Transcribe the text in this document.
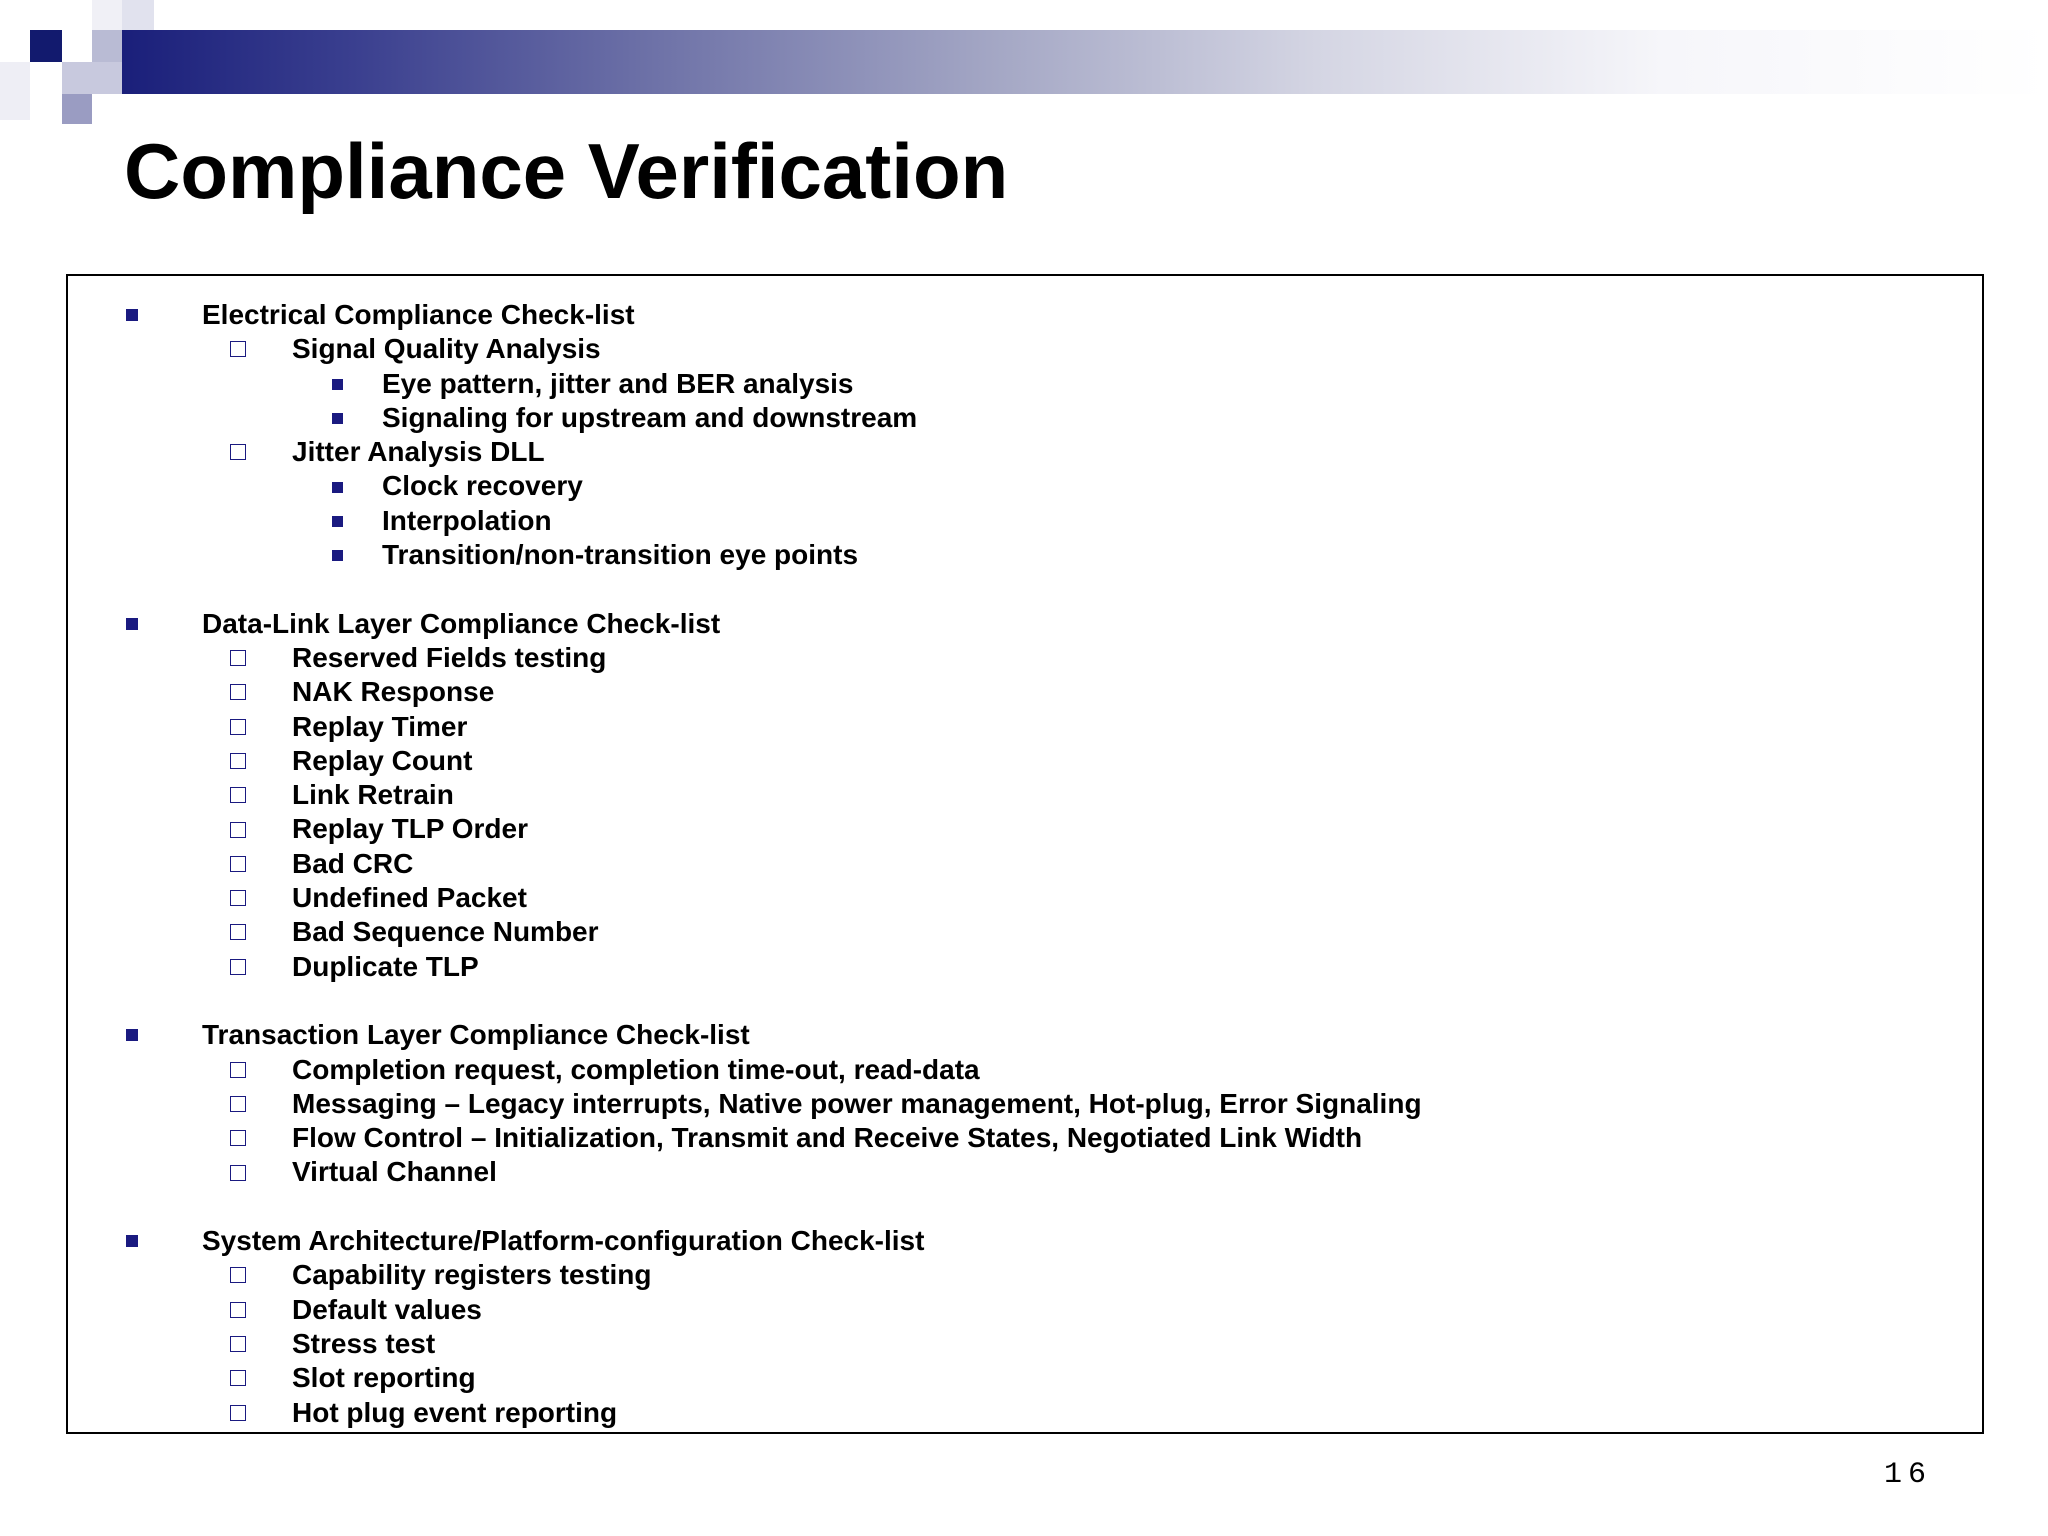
Compliance Verification
Electrical Compliance Check-list
Signal Quality Analysis
Eye pattern, jitter and BER analysis
Signaling for upstream and downstream
Jitter Analysis DLL
Clock recovery
Interpolation
Transition/non-transition eye points
Data-Link Layer Compliance Check-list
Reserved Fields testing
NAK Response
Replay Timer
Replay Count
Link Retrain
Replay TLP Order
Bad CRC
Undefined Packet
Bad Sequence Number
Duplicate TLP
Transaction Layer Compliance Check-list
Completion request, completion time-out, read-data
Messaging – Legacy interrupts, Native power management, Hot-plug, Error Signaling
Flow Control – Initialization, Transmit and Receive States, Negotiated Link Width
Virtual Channel
System Architecture/Platform-configuration Check-list
Capability registers testing
Default values
Stress test
Slot reporting
Hot plug event reporting
16
